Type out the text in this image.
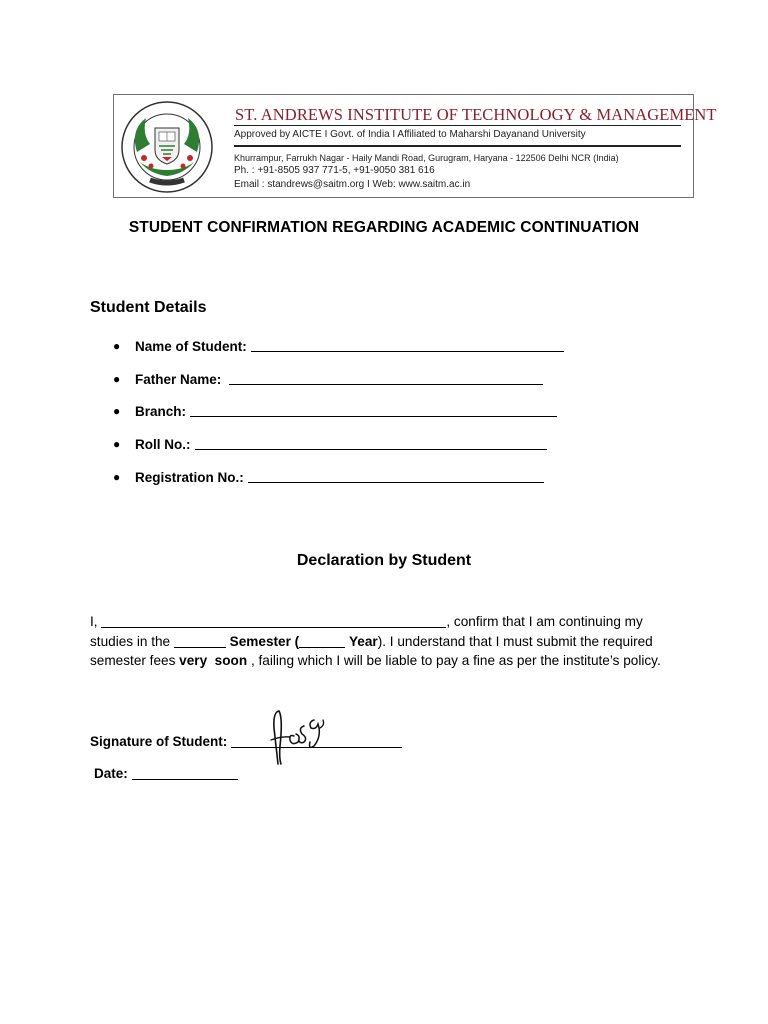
ST. ANDREWS INSTITUTE OF TECHNOLOGY & MANAGEMENT
Approved by AICTE I Govt. of India I Affiliated to Maharshi Dayanand University
Khurrampur, Farrukh Nagar - Haily Mandi Road, Gurugram, Haryana - 122506 Delhi NCR (India)
Ph. : +91-8505 937 771-5, +91-9050 381 616
Email : standrews@saitm.org I Web: www.saitm.ac.in
STUDENT CONFIRMATION REGARDING ACADEMIC CONTINUATION
Student Details
● Name of Student:
● Father Name:
● Branch:
● Roll No.:
● Registration No.:
Declaration by Student

I,	, confirm that I am continuing my

studies in the	Semester (	Year). I understand that I must submit the required

semester fees very  soon , failing which I will be liable to pay a fine as per the institute’s policy.

Signature of Student:
Date:
